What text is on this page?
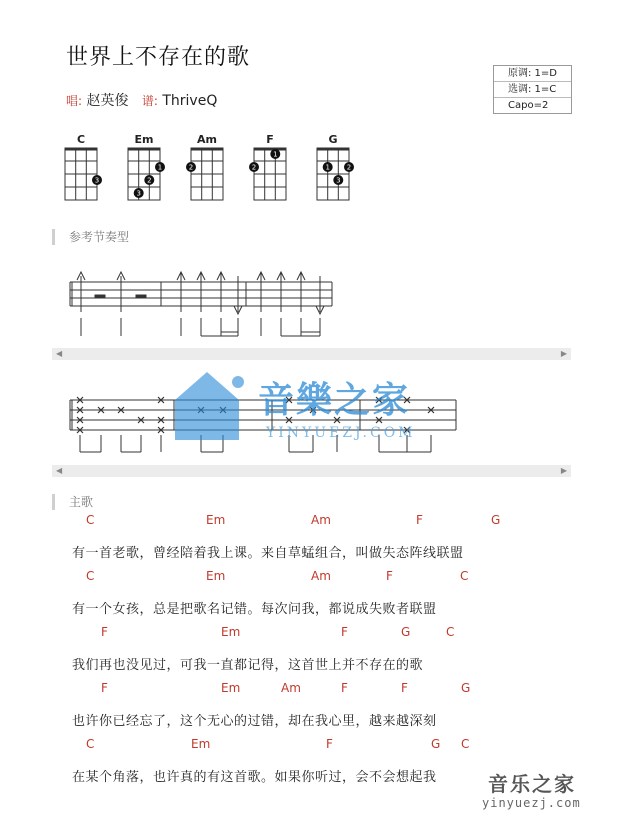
世界上不存在的歌
唱: 赵英俊 谱: ThriveQ
原调: 1=D
选调: 1=C
Capo=2
C	Em	Am	F	G
3
1
2
3
2
1
2	1 2
3
参考节奏型
◀	▶
◀	▶
音樂之家
YINYUEZJ.COM
主歌
C	Em	Am	F	G
有一首老歌，曾经陪着我上课。来自草蜢组合，叫做失态阵线联盟
C	Em	Am	F	C
有一个女孩，总是把歌名记错。每次问我，都说成失败者联盟
F	Em	F	G	C
我们再也没见过，可我一直都记得，这首世上并不存在的歌
F	Em	Am	F	F	G
也许你已经忘了，这个无心的过错，却在我心里，越来越深刻
C	Em	F	G C
在某个角落，也许真的有这首歌。如果你听过，会不会想起我	音乐之家
yinyuezj.com
